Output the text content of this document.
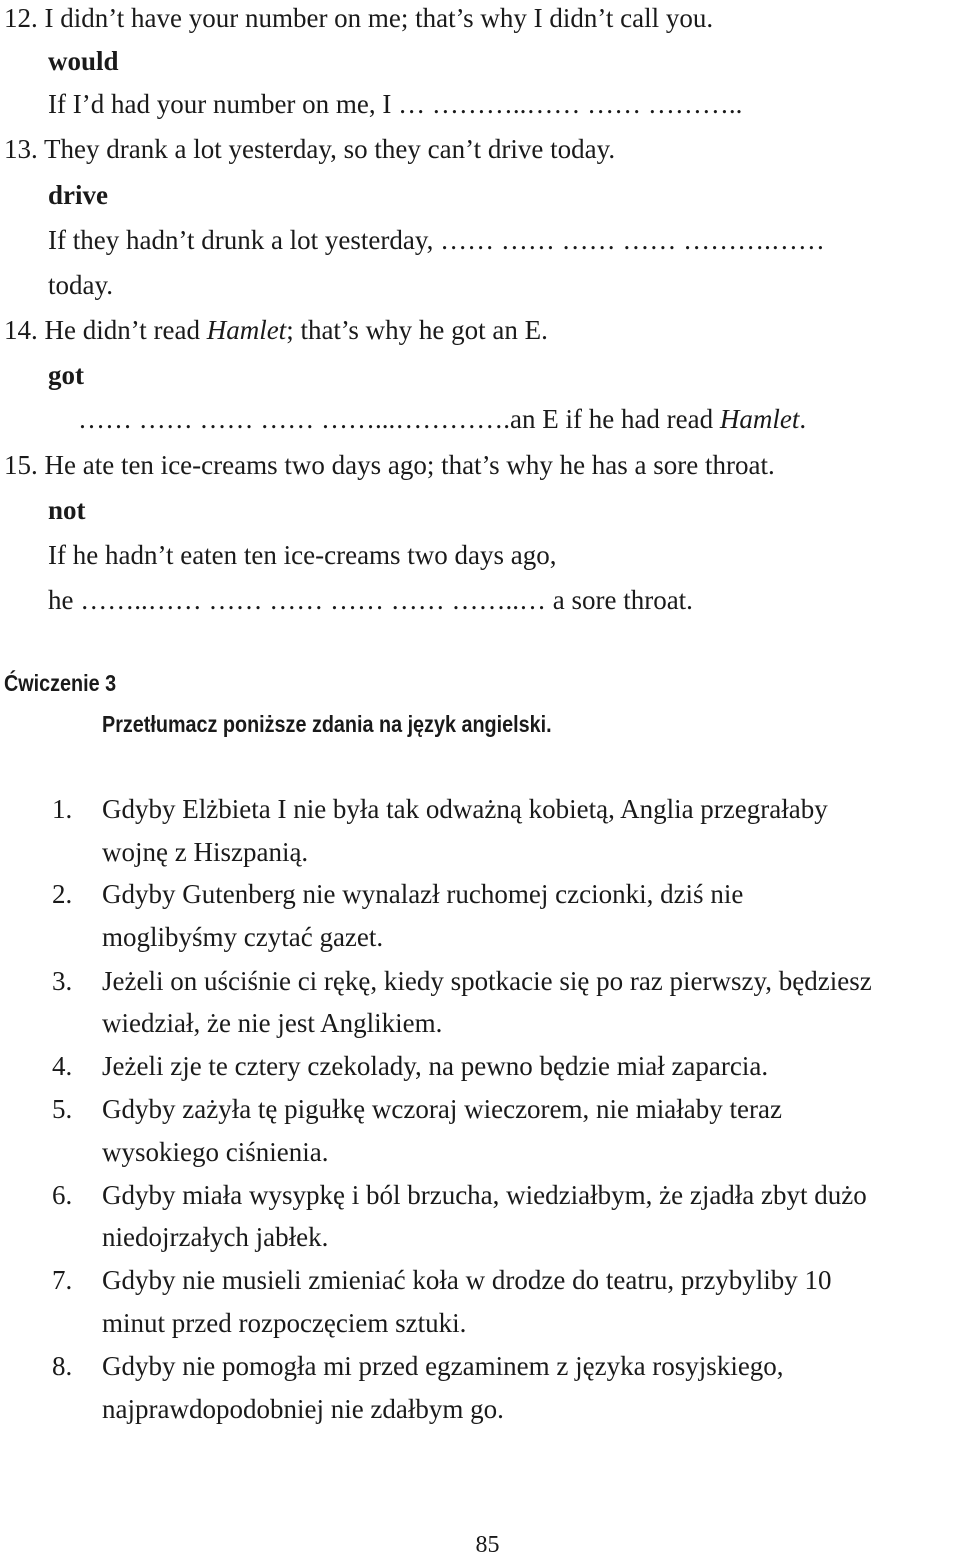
12. I didn’t have your number on me; that’s why I didn’t call you.
would
If I’d had your number on me, I … ………..…… …… ………..
13. They drank a lot yesterday, so they can’t drive today.
drive
If they hadn’t drunk a lot yesterday, …… …… …… …… ……….……
today.
14. He didn’t read Hamlet; that’s why he got an E.
got
…… …… …… …… ……...………….an E if he had read Hamlet.
15. He ate ten ice-creams two days ago; that’s why he has a sore throat.
not
If he hadn’t eaten ten ice-creams two days ago,
he ……..…… …… …… …… …… ……..… a sore throat.
Ćwiczenie 3
Przetłumacz poniższe zdania na język angielski.
1. Gdyby Elżbieta I nie była tak odważną kobietą, Anglia przegrałaby
wojnę z Hiszpanią.
2. Gdyby Gutenberg nie wynalazł ruchomej czcionki, dziś nie
moglibyśmy czytać gazet.
3. Jeżeli on uściśnie ci rękę, kiedy spotkacie się po raz pierwszy, będziesz
wiedział, że nie jest Anglikiem.
4. Jeżeli zje te cztery czekolady, na pewno będzie miał zaparcia.
5. Gdyby zażyła tę pigułkę wczoraj wieczorem, nie miałaby teraz
wysokiego ciśnienia.
6. Gdyby miała wysypkę i ból brzucha, wiedziałbym, że zjadła zbyt dużo
niedojrzałych jabłek.
7. Gdyby nie musieli zmieniać koła w drodze do teatru, przybyliby 10
minut przed rozpoczęciem sztuki.
8. Gdyby nie pomogła mi przed egzaminem z języka rosyjskiego,
najprawdopodobniej nie zdałbym go.
85
